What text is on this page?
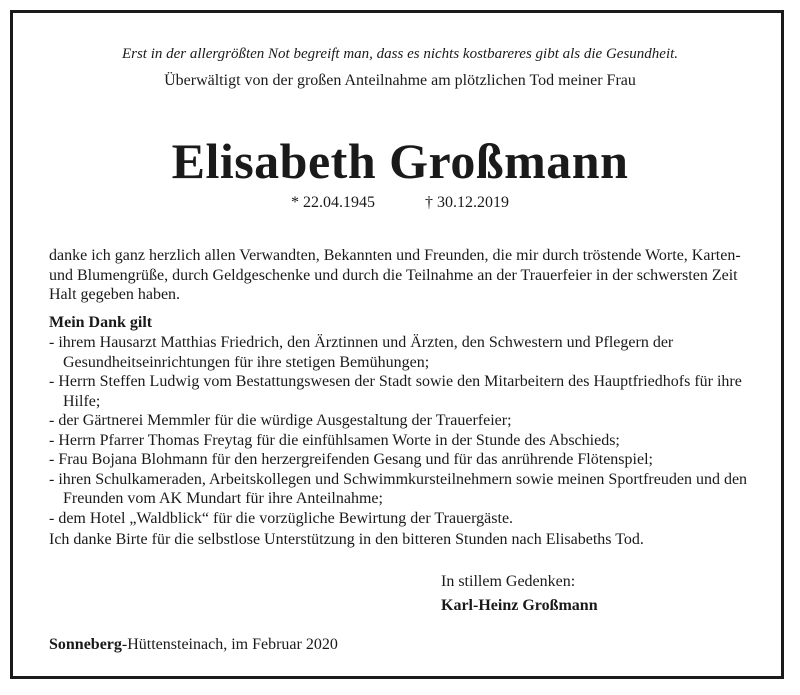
Erst in der allergrößten Not begreift man, dass es nichts kostbareres gibt als die Gesundheit.
Überwältigt von der großen Anteilnahme am plötzlichen Tod meiner Frau
Elisabeth Großmann
* 22.04.1945	† 30.12.2019
danke ich ganz herzlich allen Verwandten, Bekannten und Freunden, die mir durch tröstende Worte, Karten- und Blumengrüße, durch Geldgeschenke und durch die Teilnahme an der Trauerfeier in der schwersten Zeit Halt gegeben haben.
Mein Dank gilt
- ihrem Hausarzt Matthias Friedrich, den Ärztinnen und Ärzten, den Schwestern und Pflegern der Gesundheitseinrichtungen für ihre stetigen Bemühungen;
- Herrn Steffen Ludwig vom Bestattungswesen der Stadt sowie den Mitarbeitern des Hauptfriedhofs für ihre Hilfe;
- der Gärtnerei Memmler für die würdige Ausgestaltung der Trauerfeier;
- Herrn Pfarrer Thomas Freytag für die einfühlsamen Worte in der Stunde des Abschieds;
- Frau Bojana Blohmann für den herzergreifenden Gesang und für das anrührende Flötenspiel;
- ihren Schulkameraden, Arbeitskollegen und Schwimmkursteilnehmern sowie meinen Sportfreuden und den Freunden vom AK Mundart für ihre Anteilnahme;
- dem Hotel „Waldblick“ für die vorzügliche Bewirtung der Trauergäste.
Ich danke Birte für die selbstlose Unterstützung in den bitteren Stunden nach Elisabeths Tod.
In stillem Gedenken:
Karl-Heinz Großmann
Sonneberg-Hüttensteinach, im Februar 2020
